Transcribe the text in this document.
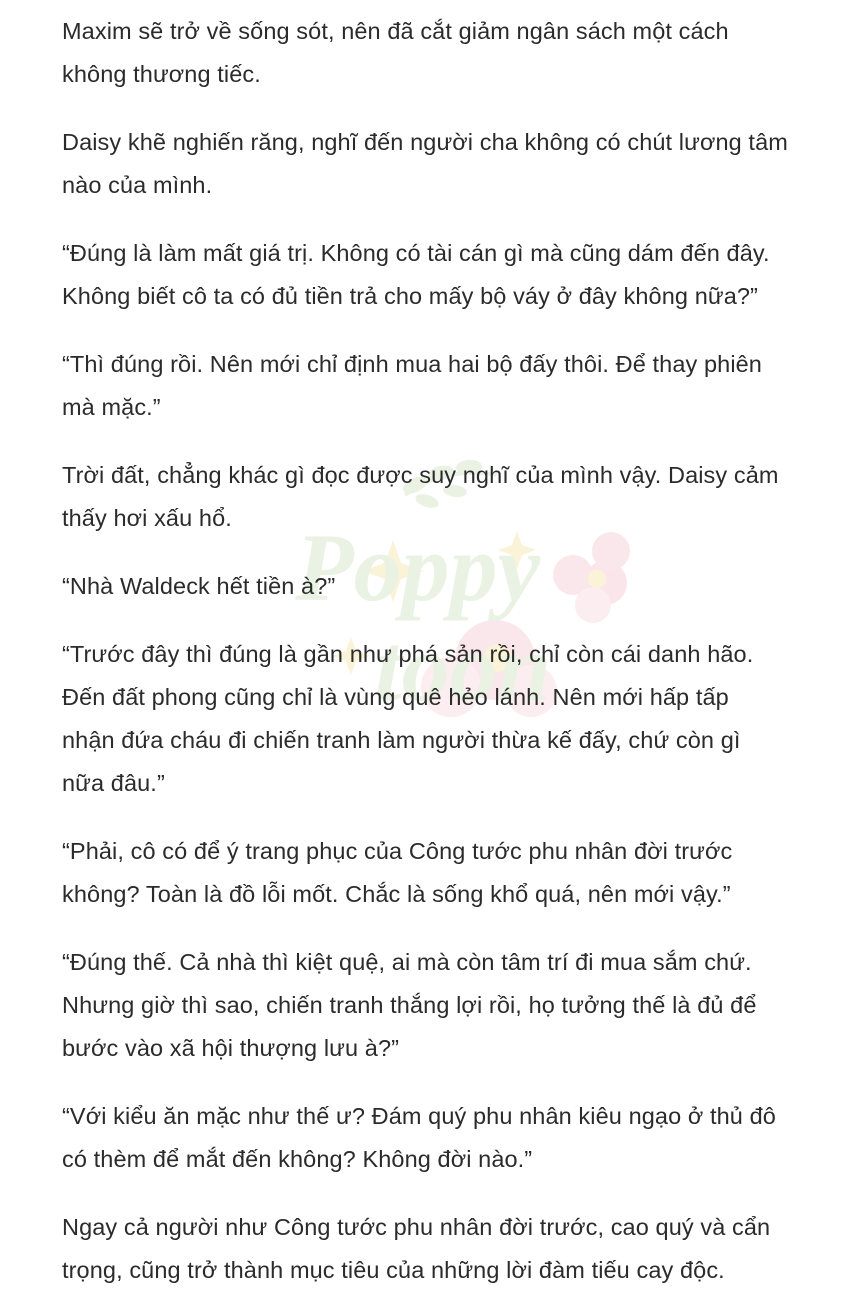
Poppy
toon

Maxim sẽ trở về sống sót, nên đã cắt giảm ngân sách một cách không thương tiếc.

Daisy khẽ nghiến răng, nghĩ đến người cha không có chút lương tâm nào của mình.

“Đúng là làm mất giá trị. Không có tài cán gì mà cũng dám đến đây. Không biết cô ta có đủ tiền trả cho mấy bộ váy ở đây không nữa?”

“Thì đúng rồi. Nên mới chỉ định mua hai bộ đấy thôi. Để thay phiên mà mặc.”

Trời đất, chẳng khác gì đọc được suy nghĩ của mình vậy. Daisy cảm thấy hơi xấu hổ.

“Nhà Waldeck hết tiền à?”

“Trước đây thì đúng là gần như phá sản rồi, chỉ còn cái danh hão. Đến đất phong cũng chỉ là vùng quê hẻo lánh. Nên mới hấp tấp nhận đứa cháu đi chiến tranh làm người thừa kế đấy, chứ còn gì nữa đâu.”

“Phải, cô có để ý trang phục của Công tước phu nhân đời trước không? Toàn là đồ lỗi mốt. Chắc là sống khổ quá, nên mới vậy.”

“Đúng thế. Cả nhà thì kiệt quệ, ai mà còn tâm trí đi mua sắm chứ. Nhưng giờ thì sao, chiến tranh thắng lợi rồi, họ tưởng thế là đủ để bước vào xã hội thượng lưu à?”

“Với kiểu ăn mặc như thế ư? Đám quý phu nhân kiêu ngạo ở thủ đô có thèm để mắt đến không? Không đời nào.”

Ngay cả người như Công tước phu nhân đời trước, cao quý và cẩn trọng, cũng trở thành mục tiêu của những lời đàm tiếu cay độc.
